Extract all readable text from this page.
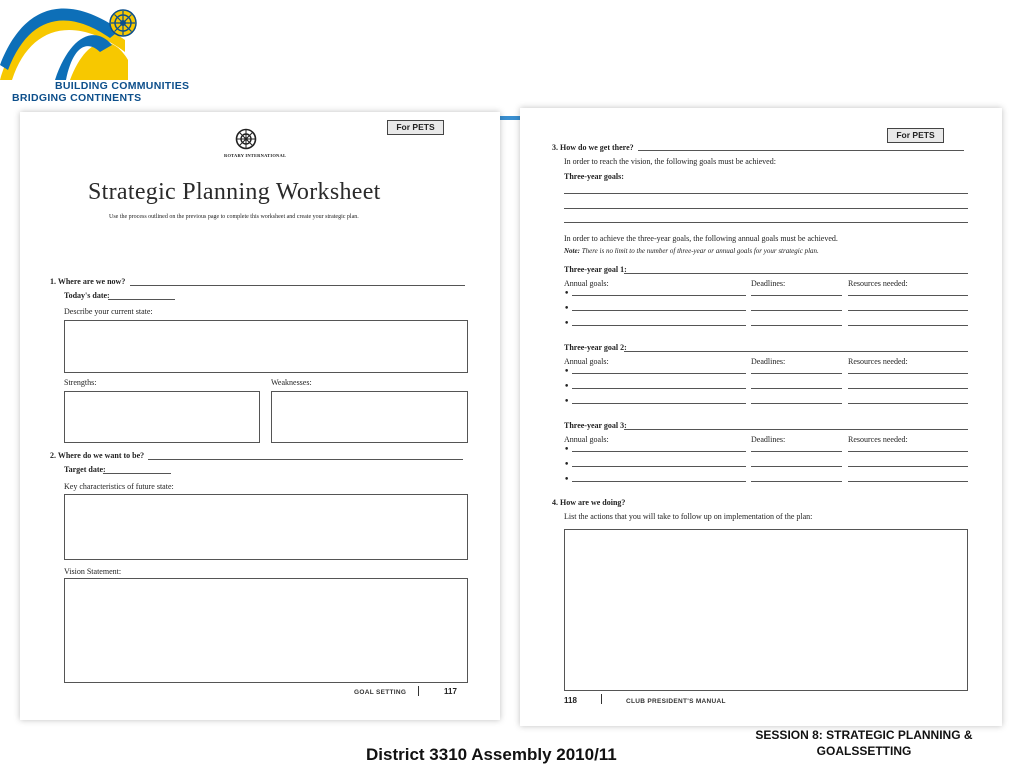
BUILDING COMMUNITIES
BRIDGING CONTINENTS
For PETS
ROTARY INTERNATIONAL
Strategic Planning Worksheet
Use the process outlined on the previous page to complete this worksheet and create your strategic plan.
1. Where are we now?
Today's date:
Describe your current state:
Strengths:	Weaknesses:
2. Where do we want to be?
Target date:
Key characteristics of future state:
Vision Statement:
GOAL SETTING	117
For PETS
3. How do we get there?
In order to reach the vision, the following goals must be achieved:
Three-year goals:
In order to achieve the three-year goals, the following annual goals must be achieved.
Note: There is no limit to the number of three-year or annual goals for your strategic plan.
Three-year goal 1:
Annual goals:	Deadlines:	Resources needed:
•
•
•
Three-year goal 2:
Annual goals:	Deadlines:	Resources needed:
•
•
•
Three-year goal 3:
Annual goals:	Deadlines:	Resources needed:
•
•
•
4. How are we doing?
List the actions that you will take to follow up on implementation of the plan:
118	CLUB PRESIDENT'S MANUAL
SESSION 8: STRATEGIC PLANNING &
GOALSSETTING
District 3310 Assembly 2010/11
